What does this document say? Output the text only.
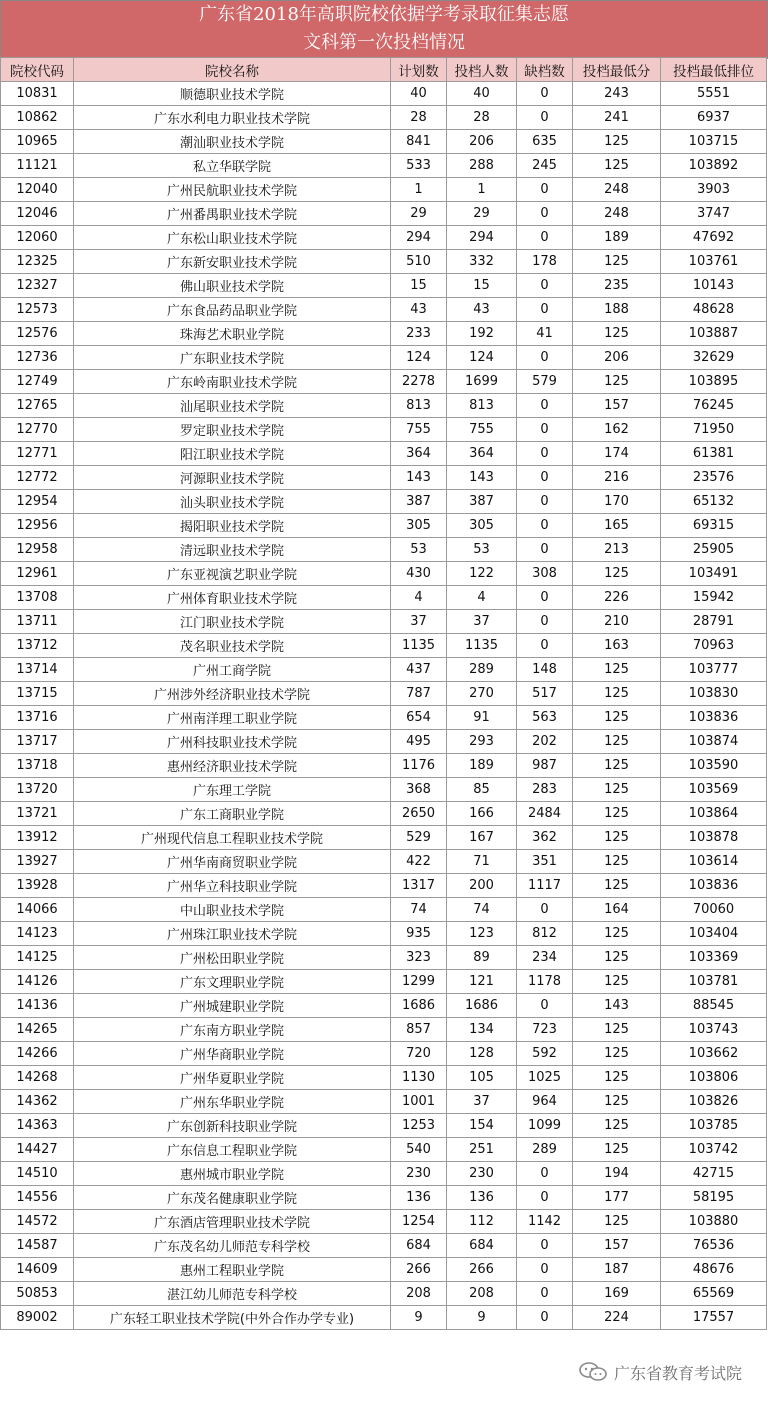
广东省2018年高职院校依据学考录取征集志愿
文科第一次投档情况
院校代码	院校名称	计划数	投档人数	缺档数	投档最低分	投档最低排位
10831	顺德职业技术学院	40	40	0	243	5551
10862	广东水利电力职业技术学院	28	28	0	241	6937
10965	潮汕职业技术学院	841	206	635	125	103715
11121	私立华联学院	533	288	245	125	103892
12040	广州民航职业技术学院	1	1	0	248	3903
12046	广州番禺职业技术学院	29	29	0	248	3747
12060	广东松山职业技术学院	294	294	0	189	47692
12325	广东新安职业技术学院	510	332	178	125	103761
12327	佛山职业技术学院	15	15	0	235	10143
12573	广东食品药品职业学院	43	43	0	188	48628
12576	珠海艺术职业学院	233	192	41	125	103887
12736	广东职业技术学院	124	124	0	206	32629
12749	广东岭南职业技术学院	2278	1699	579	125	103895
12765	汕尾职业技术学院	813	813	0	157	76245
12770	罗定职业技术学院	755	755	0	162	71950
12771	阳江职业技术学院	364	364	0	174	61381
12772	河源职业技术学院	143	143	0	216	23576
12954	汕头职业技术学院	387	387	0	170	65132
12956	揭阳职业技术学院	305	305	0	165	69315
12958	清远职业技术学院	53	53	0	213	25905
12961	广东亚视演艺职业学院	430	122	308	125	103491
13708	广州体育职业技术学院	4	4	0	226	15942
13711	江门职业技术学院	37	37	0	210	28791
13712	茂名职业技术学院	1135	1135	0	163	70963
13714	广州工商学院	437	289	148	125	103777
13715	广州涉外经济职业技术学院	787	270	517	125	103830
13716	广州南洋理工职业学院	654	91	563	125	103836
13717	广州科技职业技术学院	495	293	202	125	103874
13718	惠州经济职业技术学院	1176	189	987	125	103590
13720	广东理工学院	368	85	283	125	103569
13721	广东工商职业学院	2650	166	2484	125	103864
13912	广州现代信息工程职业技术学院	529	167	362	125	103878
13927	广州华南商贸职业学院	422	71	351	125	103614
13928	广州华立科技职业学院	1317	200	1117	125	103836
14066	中山职业技术学院	74	74	0	164	70060
14123	广州珠江职业技术学院	935	123	812	125	103404
14125	广州松田职业学院	323	89	234	125	103369
14126	广东文理职业学院	1299	121	1178	125	103781
14136	广州城建职业学院	1686	1686	0	143	88545
14265	广东南方职业学院	857	134	723	125	103743
14266	广州华商职业学院	720	128	592	125	103662
14268	广州华夏职业学院	1130	105	1025	125	103806
14362	广州东华职业学院	1001	37	964	125	103826
14363	广东创新科技职业学院	1253	154	1099	125	103785
14427	广东信息工程职业学院	540	251	289	125	103742
14510	惠州城市职业学院	230	230	0	194	42715
14556	广东茂名健康职业学院	136	136	0	177	58195
14572	广东酒店管理职业技术学院	1254	112	1142	125	103880
14587	广东茂名幼儿师范专科学校	684	684	0	157	76536
14609	惠州工程职业学院	266	266	0	187	48676
50853	湛江幼儿师范专科学校	208	208	0	169	65569
89002	广东轻工职业技术学院(中外合作办学专业)	9	9	0	224	17557
广东省教育考试院
